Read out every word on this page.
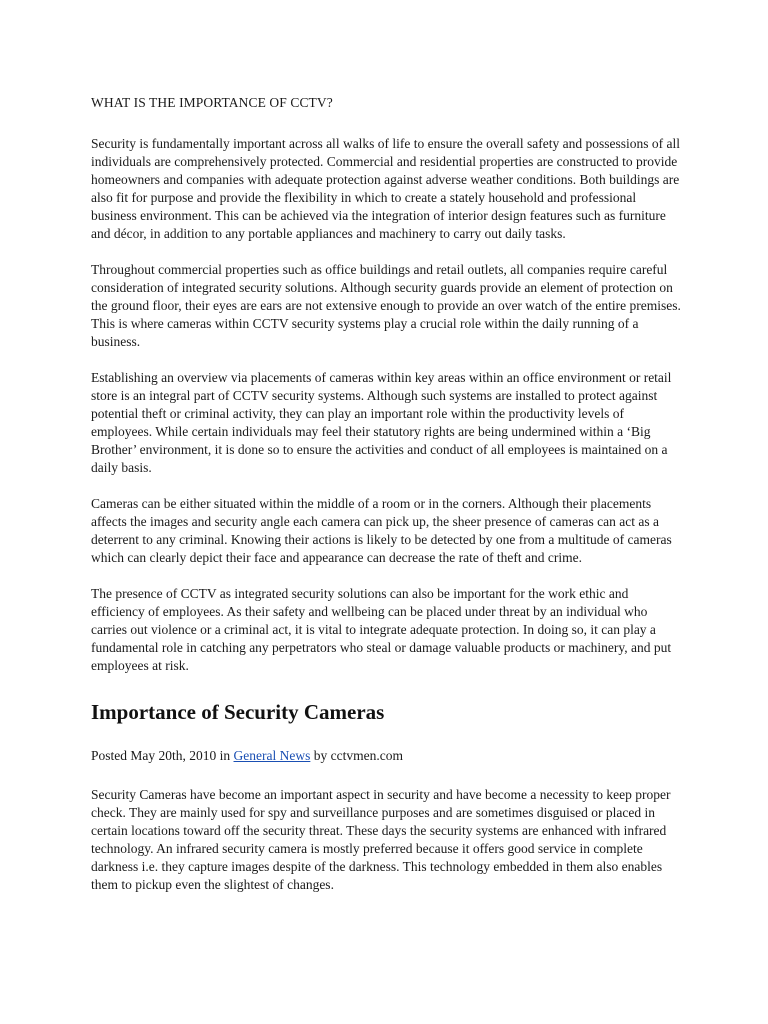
WHAT IS THE IMPORTANCE OF CCTV?

Security is fundamentally important across all walks of life to ensure the overall safety and possessions of all individuals are comprehensively protected. Commercial and residential properties are constructed to provide homeowners and companies with adequate protection against adverse weather conditions. Both buildings are also fit for purpose and provide the flexibility in which to create a stately household and professional business environment. This can be achieved via the integration of interior design features such as furniture and décor, in addition to any portable appliances and machinery to carry out daily tasks.

Throughout commercial properties such as office buildings and retail outlets, all companies require careful consideration of integrated security solutions. Although security guards provide an element of protection on the ground floor, their eyes are ears are not extensive enough to provide an over watch of the entire premises. This is where cameras within CCTV security systems play a crucial role within the daily running of a business.

Establishing an overview via placements of cameras within key areas within an office environment or retail store is an integral part of CCTV security systems. Although such systems are installed to protect against potential theft or criminal activity, they can play an important role within the productivity levels of employees. While certain individuals may feel their statutory rights are being undermined within a ‘Big Brother’ environment, it is done so to ensure the activities and conduct of all employees is maintained on a daily basis.

Cameras can be either situated within the middle of a room or in the corners. Although their placements affects the images and security angle each camera can pick up, the sheer presence of cameras can act as a deterrent to any criminal. Knowing their actions is likely to be detected by one from a multitude of cameras which can clearly depict their face and appearance can decrease the rate of theft and crime.

The presence of CCTV as integrated security solutions can also be important for the work ethic and efficiency of employees. As their safety and wellbeing can be placed under threat by an individual who carries out violence or a criminal act, it is vital to integrate adequate protection. In doing so, it can play a fundamental role in catching any perpetrators who steal or damage valuable products or machinery, and put employees at risk.

Importance of Security Cameras
Posted May 20th, 2010 in General News by cctvmen.com

Security Cameras have become an important aspect in security and have become a necessity to keep proper check. They are mainly used for spy and surveillance purposes and are sometimes disguised or placed in certain locations toward off the security threat. These days the security systems are enhanced with infrared technology. An infrared security camera is mostly preferred because it offers good service in complete darkness i.e. they capture images despite of the darkness. This technology embedded in them also enables them to pickup even the slightest of changes.
